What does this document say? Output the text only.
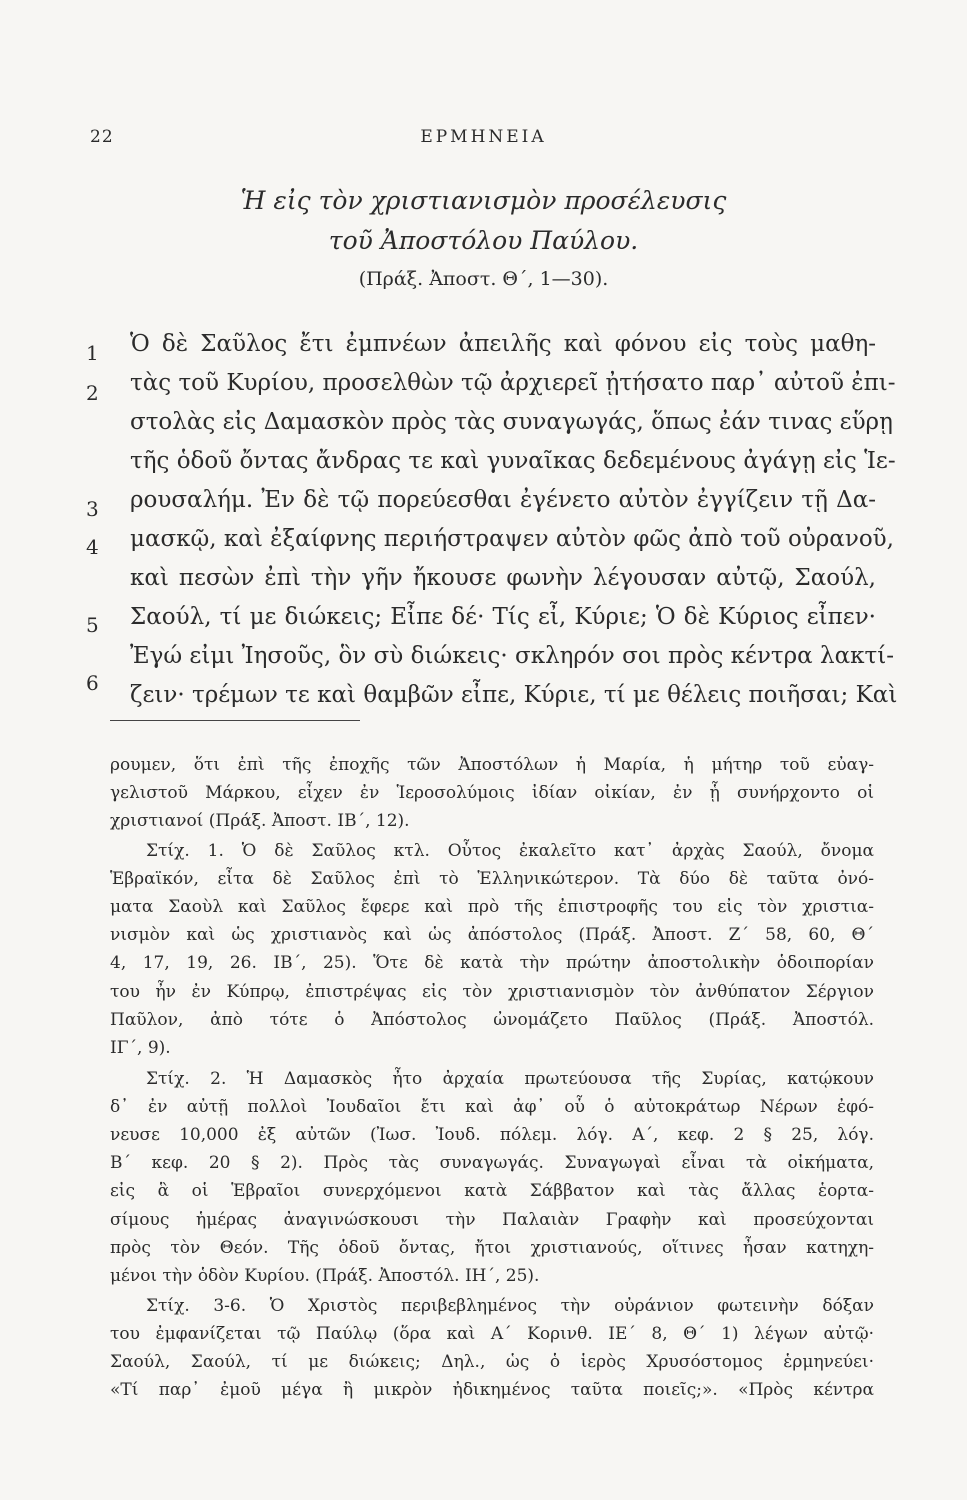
22	ΕΡΜΗΝΕΙΑ
Ἡ εἰς τὸν χριστιανισμὸν προσέλευσις
τοῦ Ἀποστόλου Παύλου.
(Πράξ. Ἀποστ. Θ΄, 1—30).
1
2
3
4
5
6
Ὁ δὲ Σαῦλος ἔτι ἐμπνέων ἀπειλῆς καὶ φόνου εἰς τοὺς μαθη-
τὰς τοῦ Κυρίου, προσελθὼν τῷ ἀρχιερεῖ ᾐτήσατο παρ᾽ αὐτοῦ ἐπι-
στολὰς εἰς Δαμασκὸν πρὸς τὰς συναγωγάς, ὅπως ἐάν τινας εὕρῃ
τῆς ὁδοῦ ὄντας ἄνδρας τε καὶ γυναῖκας δεδεμένους ἀγάγῃ εἰς Ἱε-
ρουσαλήμ. Ἐν δὲ τῷ πορεύεσθαι ἐγένετο αὐτὸν ἐγγίζειν τῇ Δα-
μασκῷ, καὶ ἐξαίφνης περιήστραψεν αὐτὸν φῶς ἀπὸ τοῦ οὐρανοῦ,
καὶ πεσὼν ἐπὶ τὴν γῆν ἤκουσε φωνὴν λέγουσαν αὐτῷ, Σαούλ,
Σαούλ, τί με διώκεις; Εἶπε δέ· Τίς εἶ, Κύριε; Ὁ δὲ Κύριος εἶπεν·
Ἐγώ εἰμι Ἰησοῦς, ὃν σὺ διώκεις· σκληρόν σοι πρὸς κέντρα λακτί-
ζειν· τρέμων τε καὶ θαμβῶν εἶπε, Κύριε, τί με θέλεις ποιῆσαι; Καὶ
ρουμεν, ὅτι ἐπὶ τῆς ἐποχῆς τῶν Ἀποστόλων ἡ Μαρία, ἡ μήτηρ τοῦ εὐαγ-
γελιστοῦ Μάρκου, εἶχεν ἐν Ἱεροσολύμοις ἰδίαν οἰκίαν, ἐν ᾗ συνήρχοντο οἱ
χριστιανοί (Πράξ. Ἀποστ. ΙΒ΄, 12).
Στίχ. 1. Ὁ δὲ Σαῦλος κτλ. Οὗτος ἐκαλεῖτο κατ᾽ ἀρχὰς Σαούλ, ὄνομα
Ἑβραϊκόν, εἶτα δὲ Σαῦλος ἐπὶ τὸ Ἑλληνικώτερον. Τὰ δύο δὲ ταῦτα ὀνό-
ματα Σαοὺλ καὶ Σαῦλος ἔφερε καὶ πρὸ τῆς ἐπιστροφῆς του εἰς τὸν χριστια-
νισμὸν καὶ ὡς χριστιανὸς καὶ ὡς ἀπόστολος (Πράξ. Ἀποστ. Ζ΄ 58, 60, Θ΄
4, 17, 19, 26. ΙΒ΄, 25). Ὅτε δὲ κατὰ τὴν πρώτην ἀποστολικὴν ὁδοιπορίαν
του ἦν ἐν Κύπρῳ, ἐπιστρέψας εἰς τὸν χριστιανισμὸν τὸν ἀνθύπατον Σέργιον
Παῦλον, ἀπὸ τότε ὁ Ἀπόστολος ὠνομάζετο Παῦλος (Πράξ. Ἀποστόλ.
ΙΓ΄, 9).
Στίχ. 2. Ἡ Δαμασκὸς ἦτο ἀρχαία πρωτεύουσα τῆς Συρίας, κατῴκουν
δ᾽ ἐν αὐτῇ πολλοὶ Ἰουδαῖοι ἔτι καὶ ἀφ᾽ οὗ ὁ αὐτοκράτωρ Νέρων ἐφό-
νευσε 10,000 ἐξ αὐτῶν (Ἰωσ. Ἰουδ. πόλεμ. λόγ. Α΄, κεφ. 2 § 25, λόγ.
Β΄ κεφ. 20 § 2). Πρὸς τὰς συναγωγάς. Συναγωγαὶ εἶναι τὰ οἰκήματα,
εἰς ἃ οἱ Ἑβραῖοι συνερχόμενοι κατὰ Σάββατον καὶ τὰς ἄλλας ἑορτα-
σίμους ἡμέρας ἀναγινώσκουσι τὴν Παλαιὰν Γραφὴν καὶ προσεύχονται
πρὸς τὸν Θεόν. Τῆς ὁδοῦ ὄντας, ἤτοι χριστιανούς, οἵτινες ἦσαν κατηχη-
μένοι τὴν ὁδὸν Κυρίου. (Πράξ. Ἀποστόλ. ΙΗ΄, 25).
Στίχ. 3-6. Ὁ Χριστὸς περιβεβλημένος τὴν οὐράνιον φωτεινὴν δόξαν
του ἐμφανίζεται τῷ Παύλῳ (ὅρα καὶ Α΄ Κορινθ. ΙΕ΄ 8, Θ΄ 1) λέγων αὐτῷ·
Σαούλ, Σαούλ, τί με διώκεις; Δηλ., ὡς ὁ ἱερὸς Χρυσόστομος ἑρμηνεύει·
«Τί παρ᾽ ἐμοῦ μέγα ἢ μικρὸν ἠδικημένος ταῦτα ποιεῖς;». «Πρὸς κέντρα
